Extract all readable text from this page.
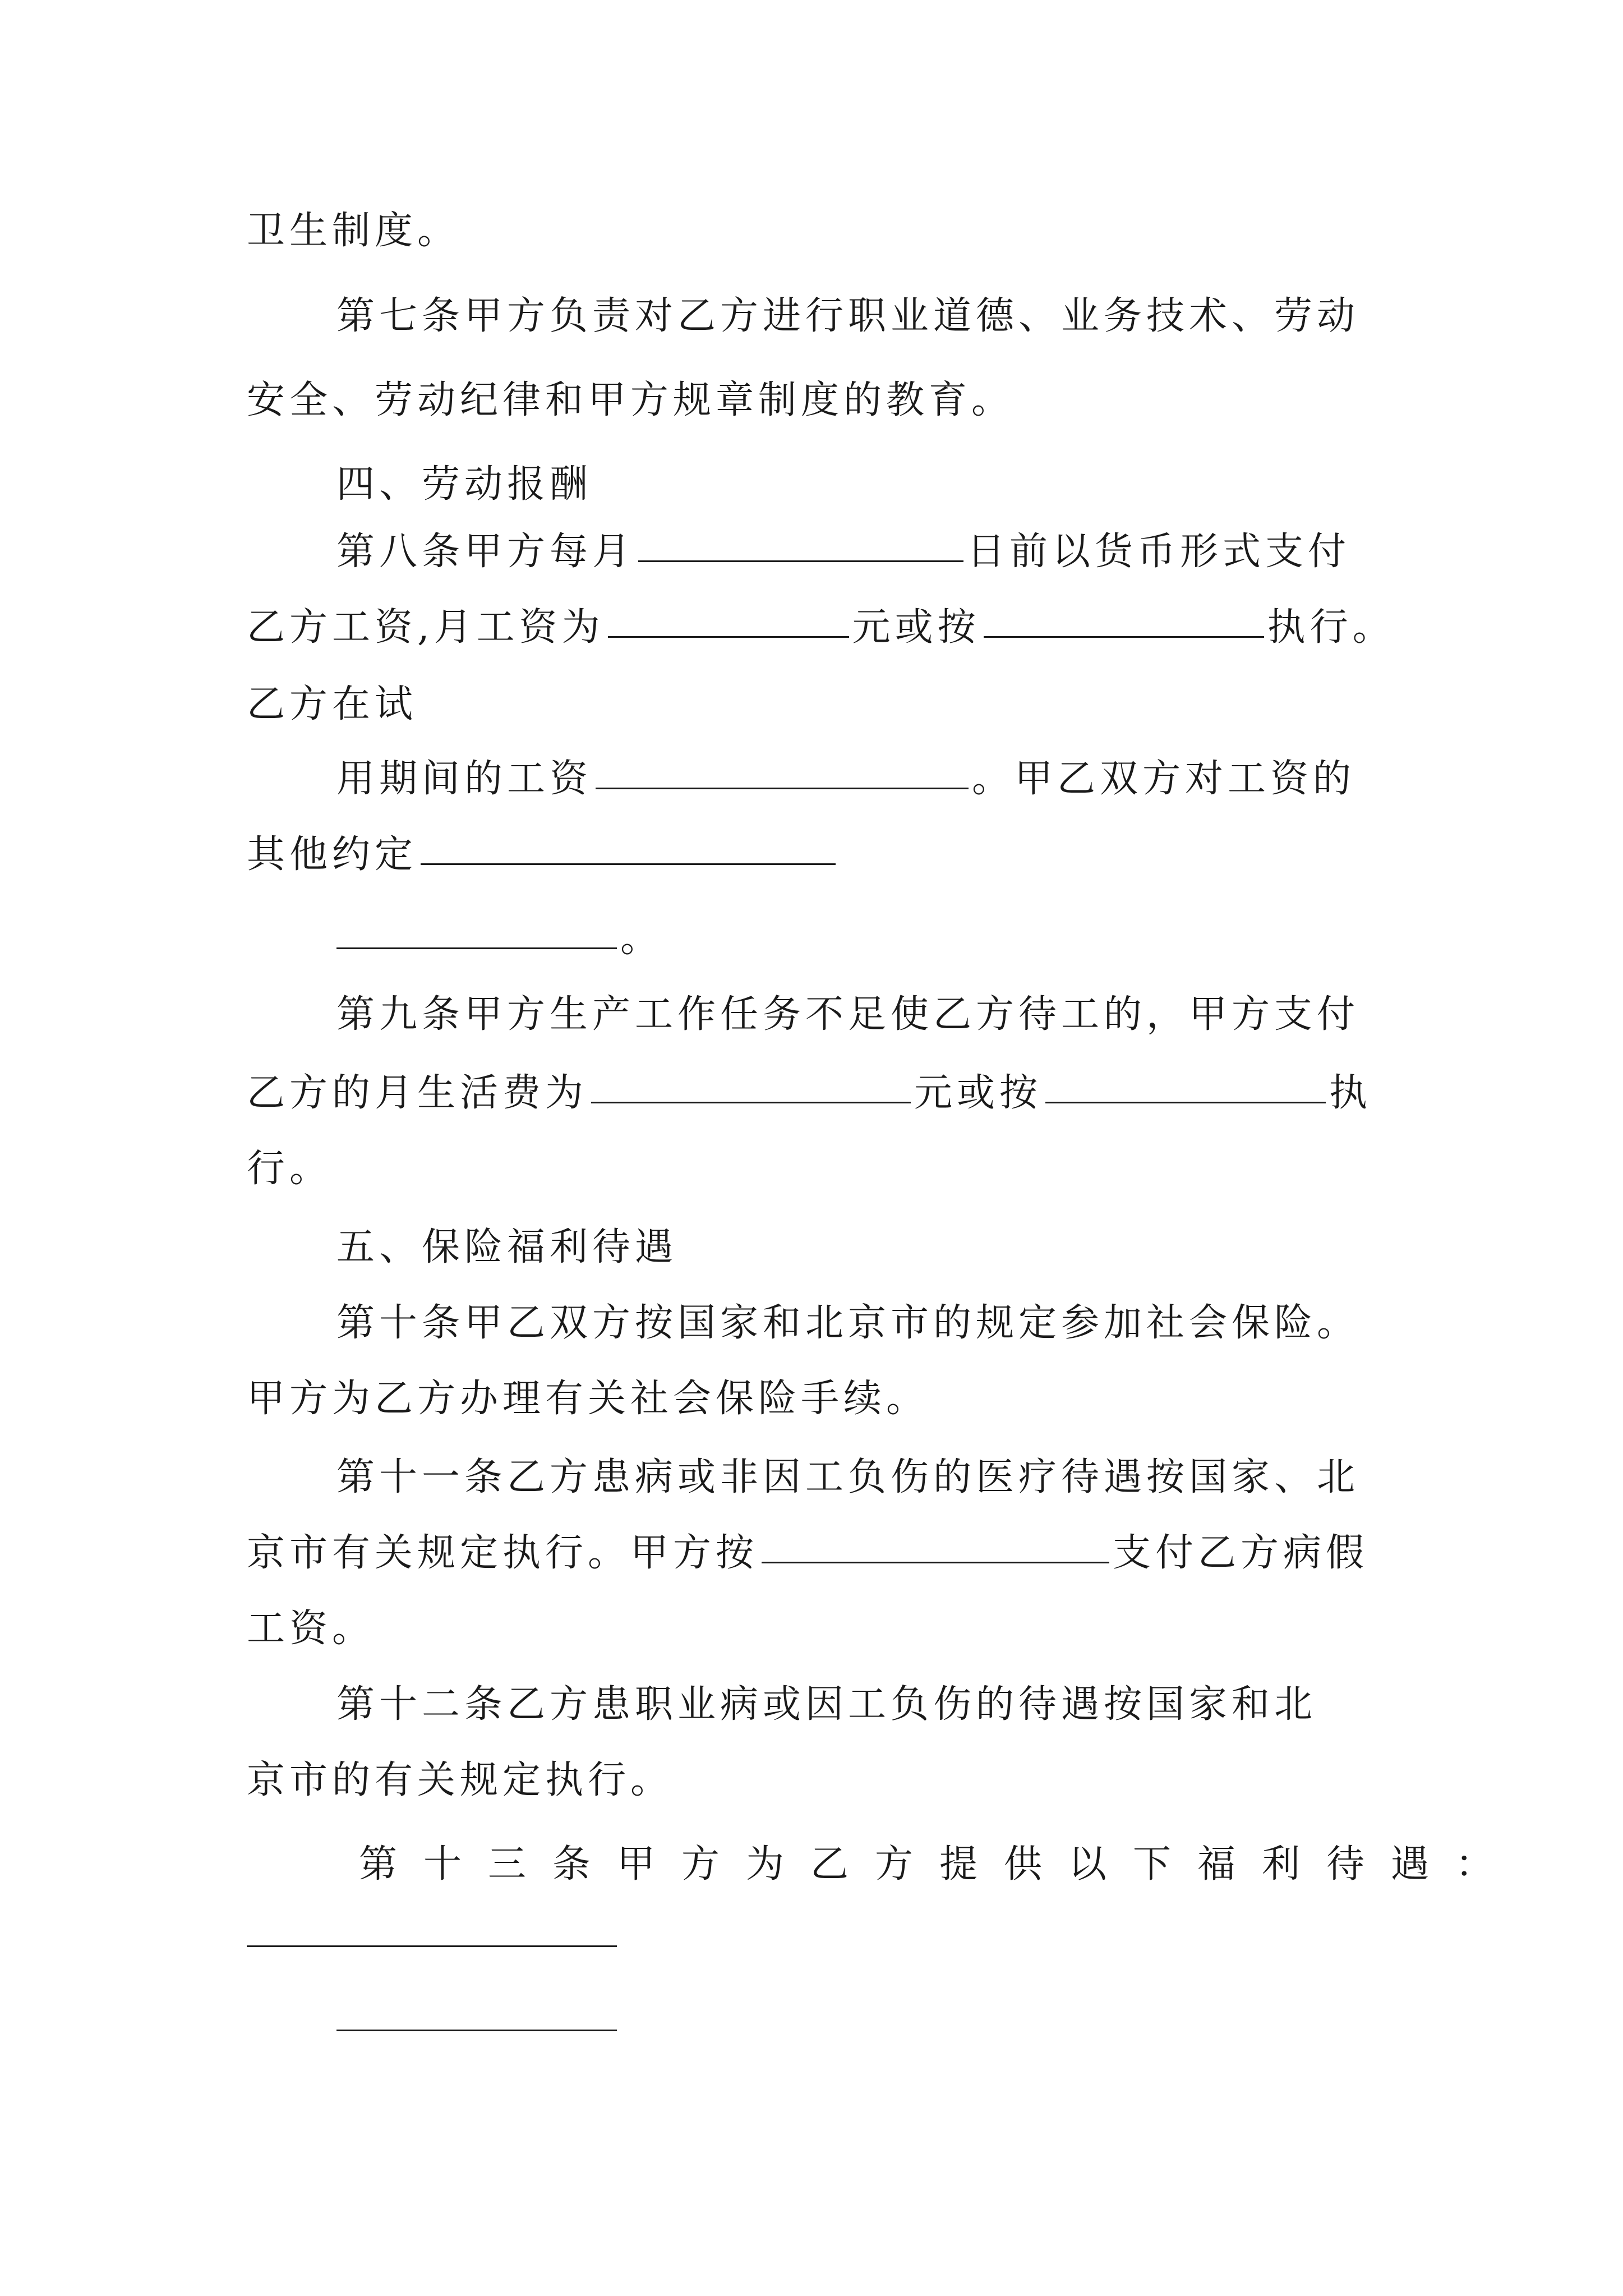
卫生制度。
第七条甲方负责对乙方进行职业道德、业务技术、劳动
安全、劳动纪律和甲方规章制度的教育。
四、劳动报酬
第八条甲方每月	日前以货币形式支付
乙方工资,月工资为	元或按	执行。
乙方在试
用期间的工资	。甲乙双方对工资的
其他约定
。
第九条甲方生产工作任务不足使乙方待工的，甲方支付
乙方的月生活费为	元或按	执
行。
五、保险福利待遇
第十条甲乙双方按国家和北京市的规定参加社会保险。
甲方为乙方办理有关社会保险手续。
第十一条乙方患病或非因工负伤的医疗待遇按国家、北
京市有关规定执行。甲方按	支付乙方病假
工资。
第十二条乙方患职业病或因工负伤的待遇按国家和北
京市的有关规定执行。
第十三条甲方为乙方提供以下福利待遇：
